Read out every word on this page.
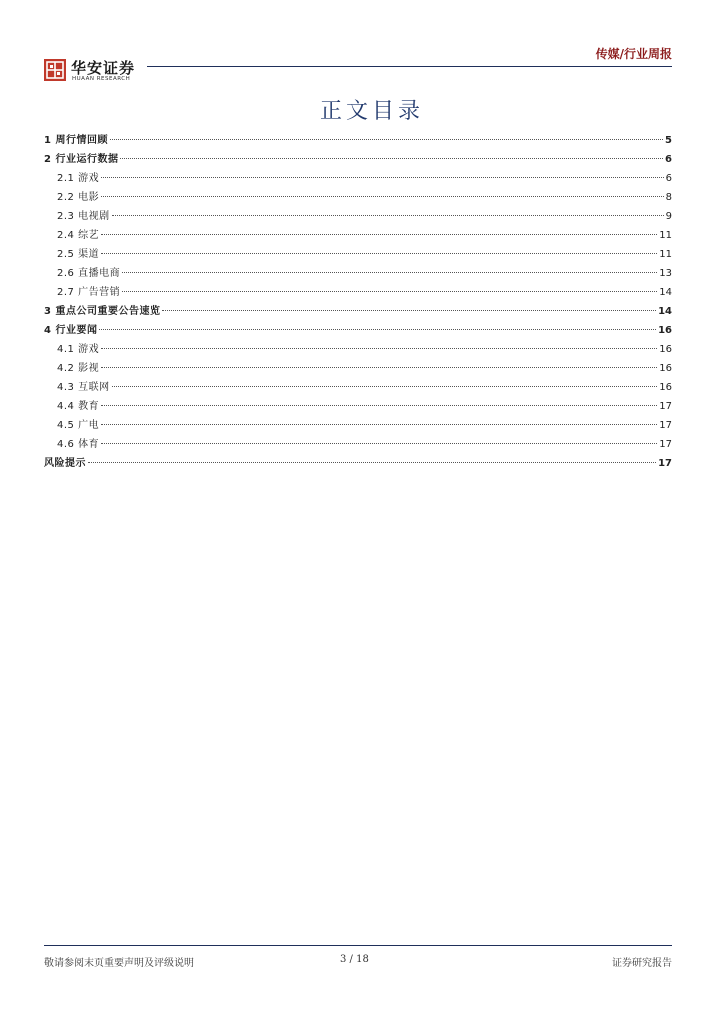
华安证券
HUAAN RESEARCH
传媒/行业周报
正文目录
1 周行情回顾	5
2 行业运行数据	6
2.1 游戏	6
2.2 电影	8
2.3 电视剧	9
2.4 综艺	11
2.5 渠道	11
2.6 直播电商	13
2.7 广告营销	14
3 重点公司重要公告速览	14
4 行业要闻	16
4.1 游戏	16
4.2 影视	16
4.3 互联网	16
4.4 教育	17
4.5 广电	17
4.6 体育	17
风险提示	17
敬请参阅末页重要声明及评级说明	3 / 18	证券研究报告
